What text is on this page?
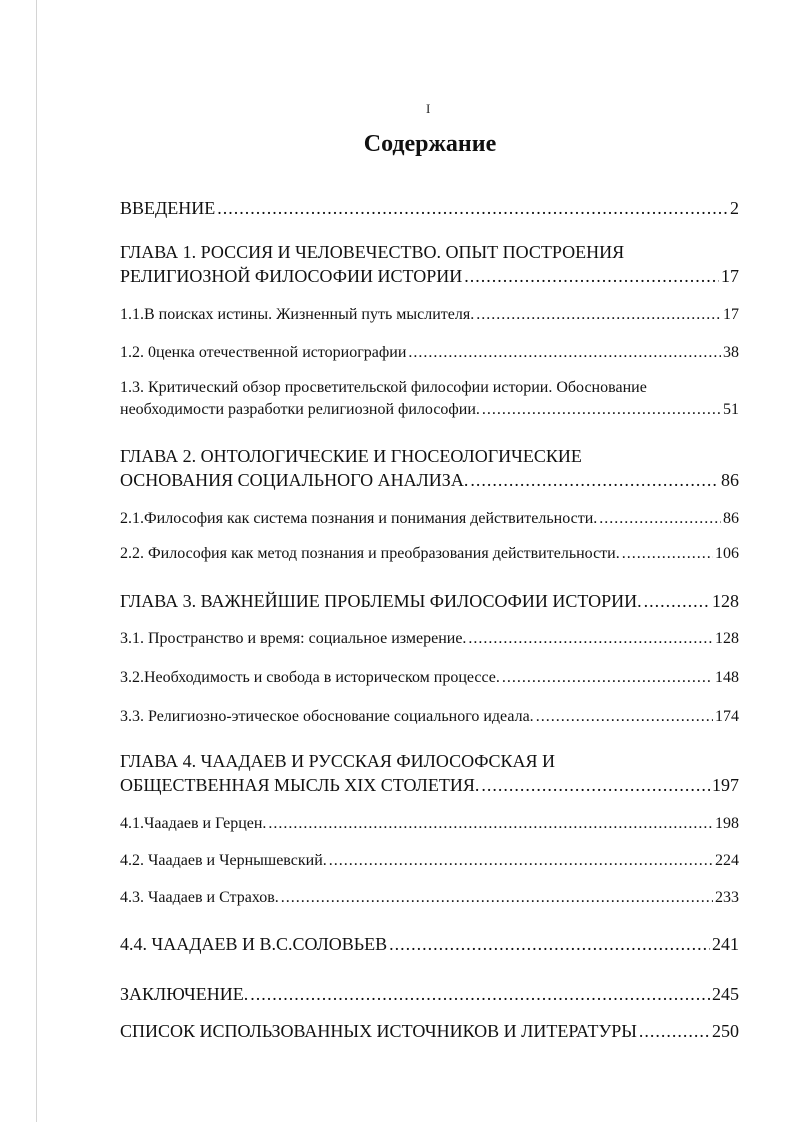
I
Содержание
ВВЕДЕНИЕ .....	2
ГЛАВА 1. РОССИЯ И ЧЕЛОВЕЧЕСТВО. ОПЫТ ПОСТРОЕНИЯ
РЕЛИГИОЗНОЙ ФИЛОСОФИИ ИСТОРИИ .....	17
1.1.В поисках истины. Жизненный путь мыслителя. .....	17
1.2. 0ценка отечественной историографии .....	38
1.3. Критический обзор просветительской философии истории. Обоснование
необходимости разработки религиозной философии. .....	51
ГЛАВА 2. ОНТОЛОГИЧЕСКИЕ И ГНОСЕОЛОГИЧЕСКИЕ
ОСНОВАНИЯ СОЦИАЛЬНОГО АНАЛИЗА. .....	86
2.1.Философия как система познания и понимания действительности. .....	86
2.2. Философия как метод познания и преобразования действительности. .....	106
ГЛАВА 3. ВАЖНЕЙШИЕ ПРОБЛЕМЫ ФИЛОСОФИИ ИСТОРИИ. .....	128
3.1. Пространство и время: социальное измерение. .....	128
3.2.Необходимость и свобода в историческом процессе. .....	148
3.3. Религиозно-этическое обоснование социального идеала. .....	174
ГЛАВА 4. ЧААДАЕВ И РУССКАЯ ФИЛОСОФСКАЯ И
ОБЩЕСТВЕННАЯ МЫСЛЬ XIX СТОЛЕТИЯ. .....	197
4.1.Чаадаев и Герцен. .....	198
4.2. Чаадаев и Чернышевский. .....	224
4.3. Чаадаев и Страхов. .....	233
4.4. ЧААДАЕВ И В.С.СОЛОВЬЕВ .....	241
ЗАКЛЮЧЕНИЕ. .....	245
СПИСОК ИСПОЛЬЗОВАННЫХ ИСТОЧНИКОВ И ЛИТЕРАТУРЫ .....	250
